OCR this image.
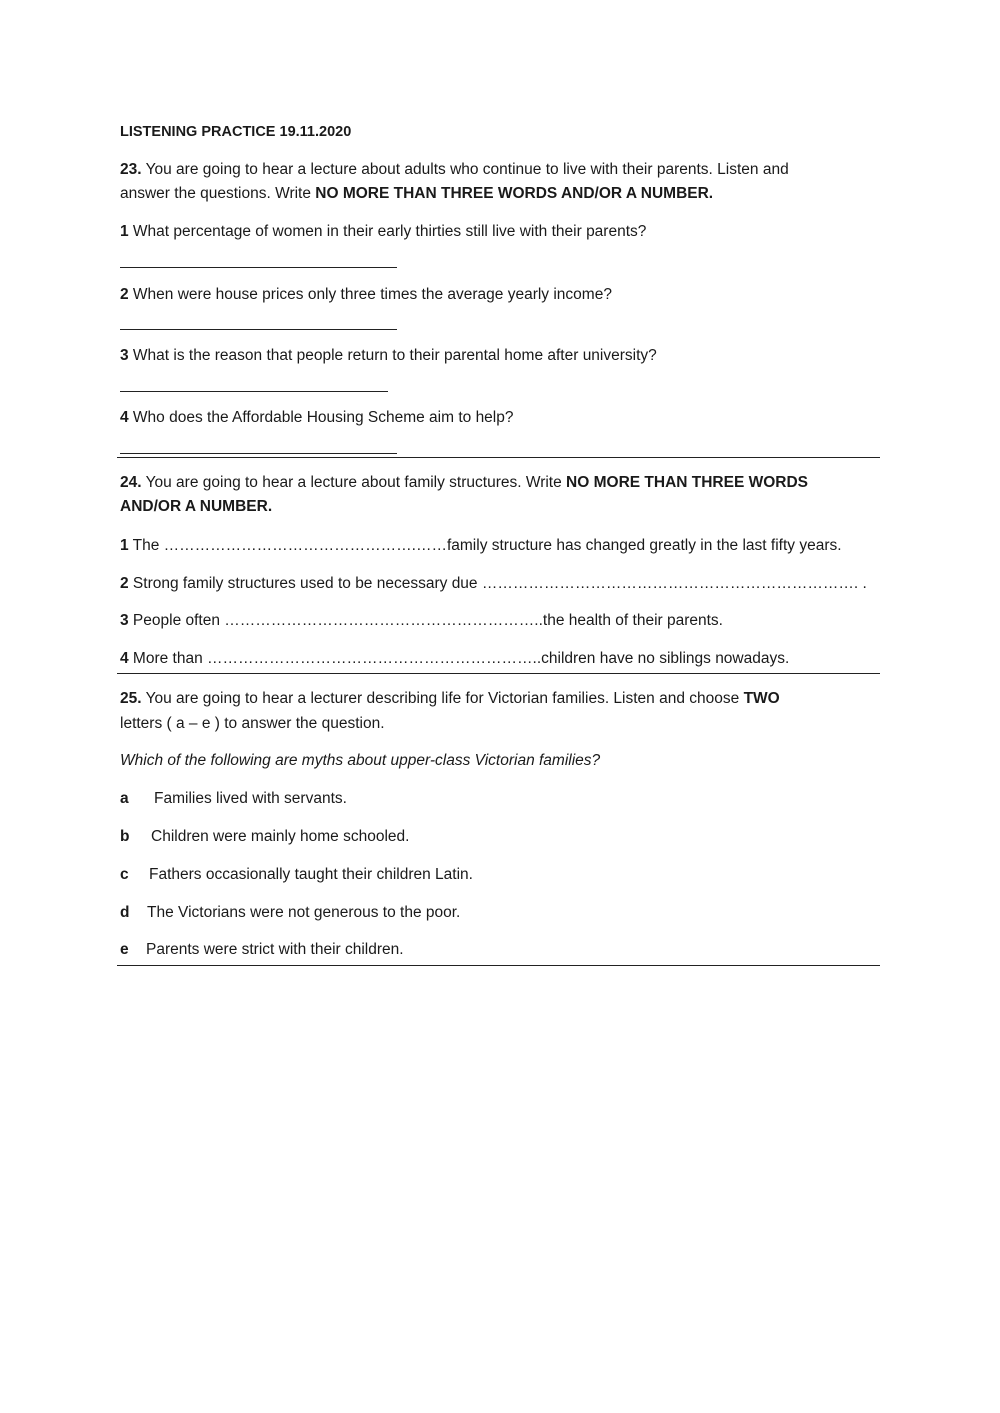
LISTENING PRACTICE 19.11.2020
23. You are going to hear a lecture about adults who continue to live with their parents. Listen and
answer the questions. Write NO MORE THAN THREE WORDS AND/OR A NUMBER.
1 What percentage of women in their early thirties still live with their parents?
2 When were house prices only three times the average yearly income?
3 What is the reason that people return to their parental home after university?
4 Who does the Affordable Housing Scheme aim to help?
24. You are going to hear a lecture about family structures. Write NO MORE THAN THREE WORDS
AND/OR A NUMBER.
1 The ………………………………………….……family structure has changed greatly in the last fifty years.
2 Strong family structures used to be necessary due ………………………………………………………………. .
3 People often ……………………………………………………..the health of their parents.
4 More than ………………………………………………………..children have no siblings nowadays.
25. You are going to hear a lecturer describing life for Victorian families. Listen and choose TWO
letters ( a – e ) to answer the question.
Which of the following are myths about upper-class Victorian families?
a Families lived with servants.
b Children were mainly home schooled.
c Fathers occasionally taught their children Latin.
d The Victorians were not generous to the poor.
e Parents were strict with their children.
